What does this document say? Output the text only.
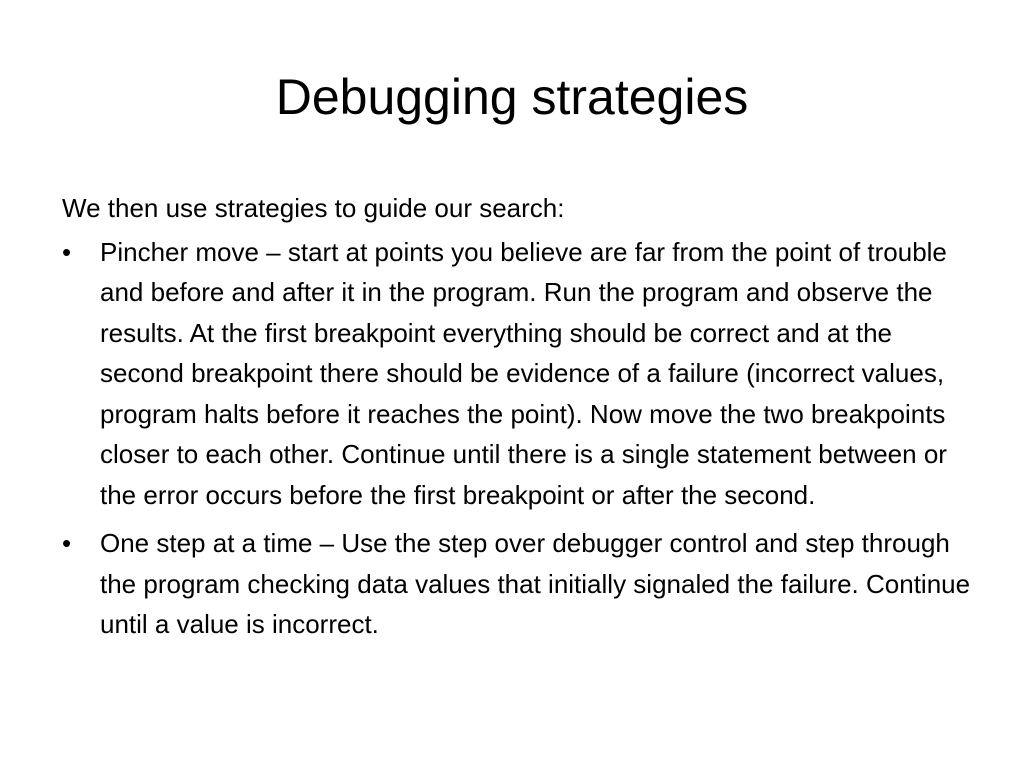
Debugging strategies

We then use strategies to guide our search:

•	Pincher move – start at points you believe are far from the point of trouble and before and after it in the program. Run the program and observe the results. At the first breakpoint everything should be correct and at the second breakpoint there should be evidence of a failure (incorrect values, program halts before it reaches the point). Now move the two breakpoints closer to each other. Continue until there is a single statement between or the error occurs before the first breakpoint or after the second.
•	One step at a time – Use the step over debugger control and step through the program checking data values that initially signaled the failure. Continue until a value is incorrect.
